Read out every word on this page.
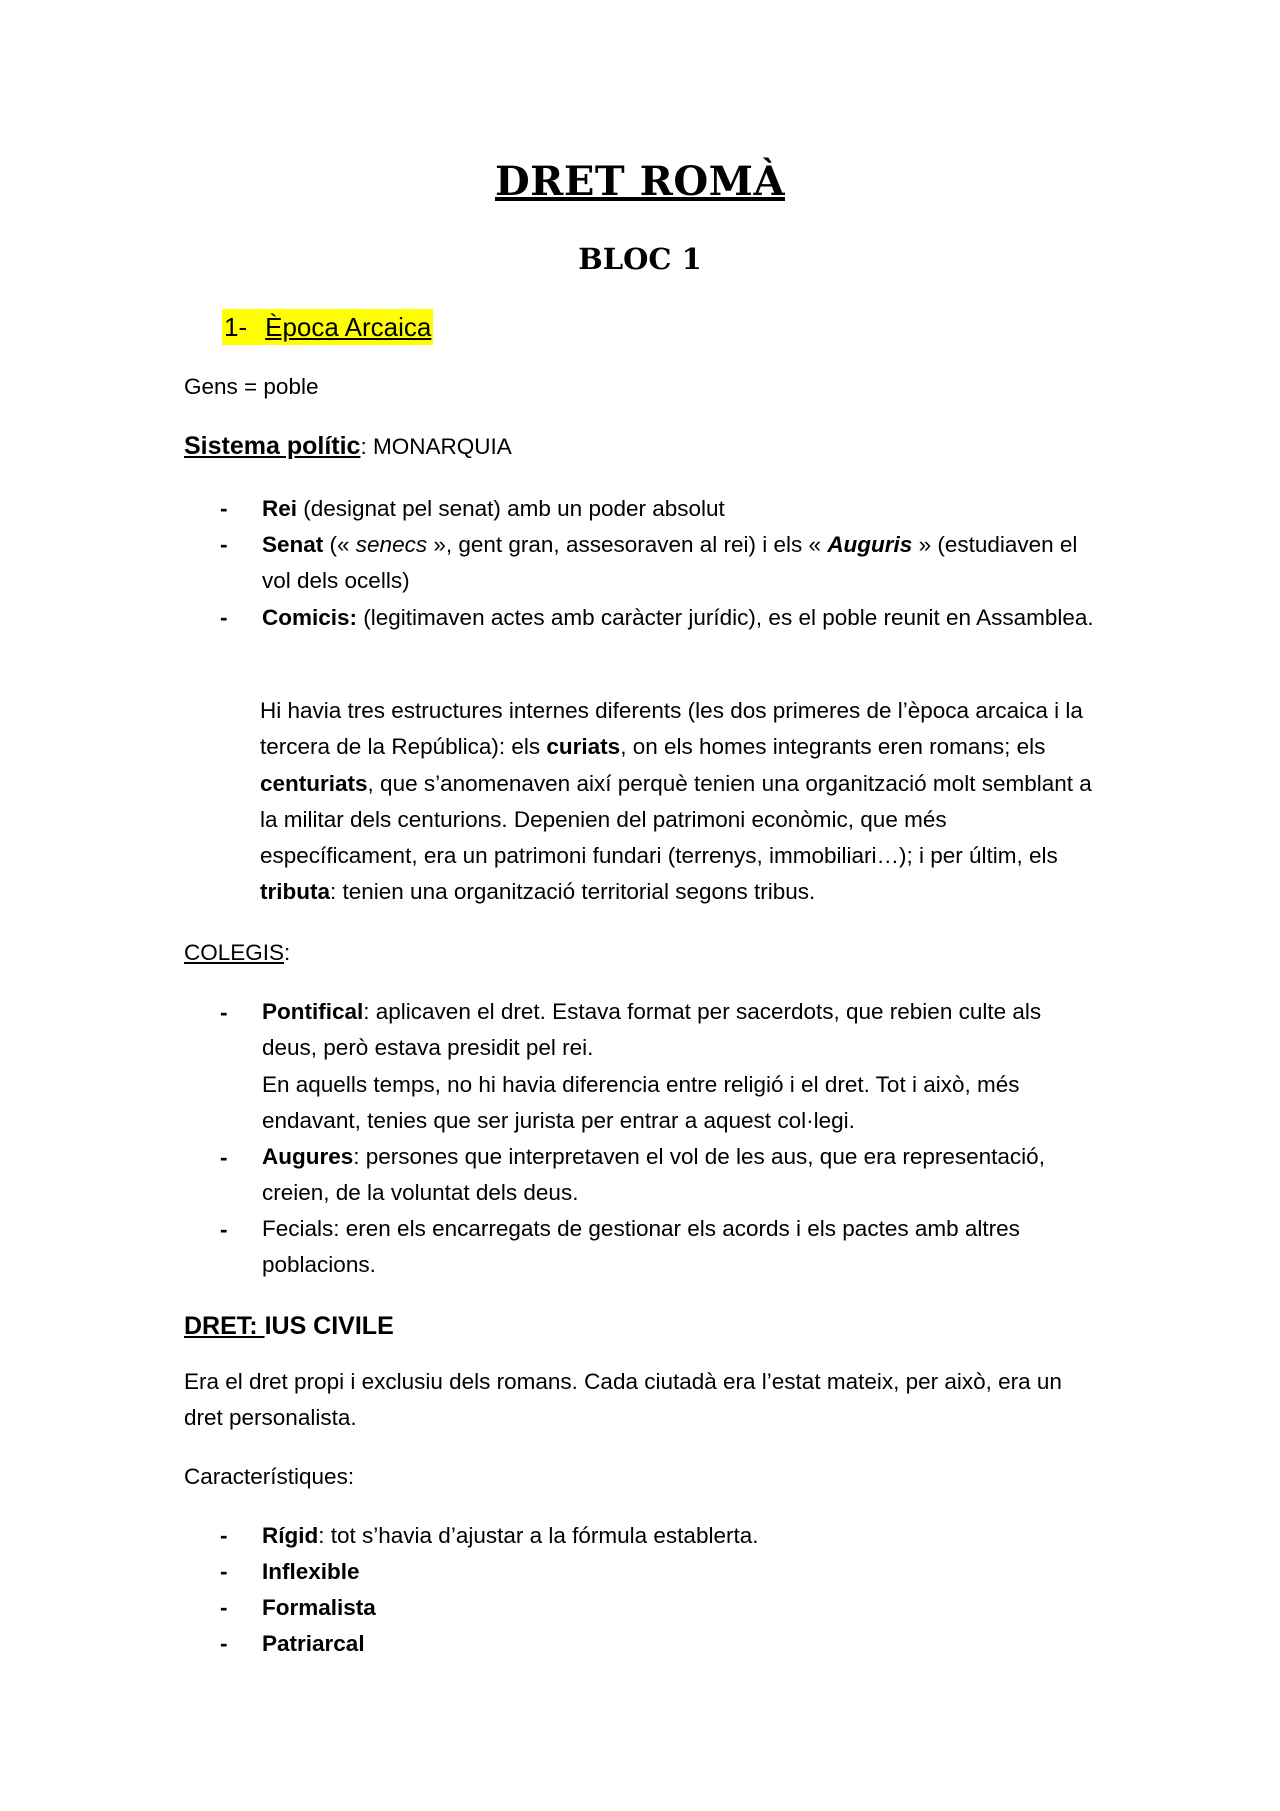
DRET ROMÀ
BLOC 1
1- Època Arcaica
Gens = poble
Sistema polític: MONARQUIA
- Rei (designat pel senat) amb un poder absolut
- Senat (« senecs », gent gran, assesoraven al rei) i els « Auguris » (estudiaven el vol dels ocells)
- Comicis: (legitimaven actes amb caràcter jurídic), es el poble reunit en Assamblea.
Hi havia tres estructures internes diferents (les dos primeres de l’època arcaica i la tercera de la República): els curiats, on els homes integrants eren romans; els centuriats, que s’anomenaven així perquè tenien una organització molt semblant a la militar dels centurions. Depenien del patrimoni econòmic, que més específicament, era un patrimoni fundari (terrenys, immobiliari…); i per últim, els tributa: tenien una organització territorial segons tribus.
COLEGIS:
- Pontifical: aplicaven el dret. Estava format per sacerdots, que rebien culte als deus, però estava presidit pel rei.
En aquells temps, no hi havia diferencia entre religió i el dret. Tot i això, més endavant, tenies que ser jurista per entrar a aquest col·legi.
- Augures: persones que interpretaven el vol de les aus, que era representació, creien, de la voluntat dels deus.
- Fecials: eren els encarregats de gestionar els acords i els pactes amb altres poblacions.
DRET: IUS CIVILE
Era el dret propi i exclusiu dels romans. Cada ciutadà era l’estat mateix, per això, era un dret personalista.
Característiques:
- Rígid: tot s’havia d’ajustar a la fórmula establerta.
- Inflexible
- Formalista
- Patriarcal
